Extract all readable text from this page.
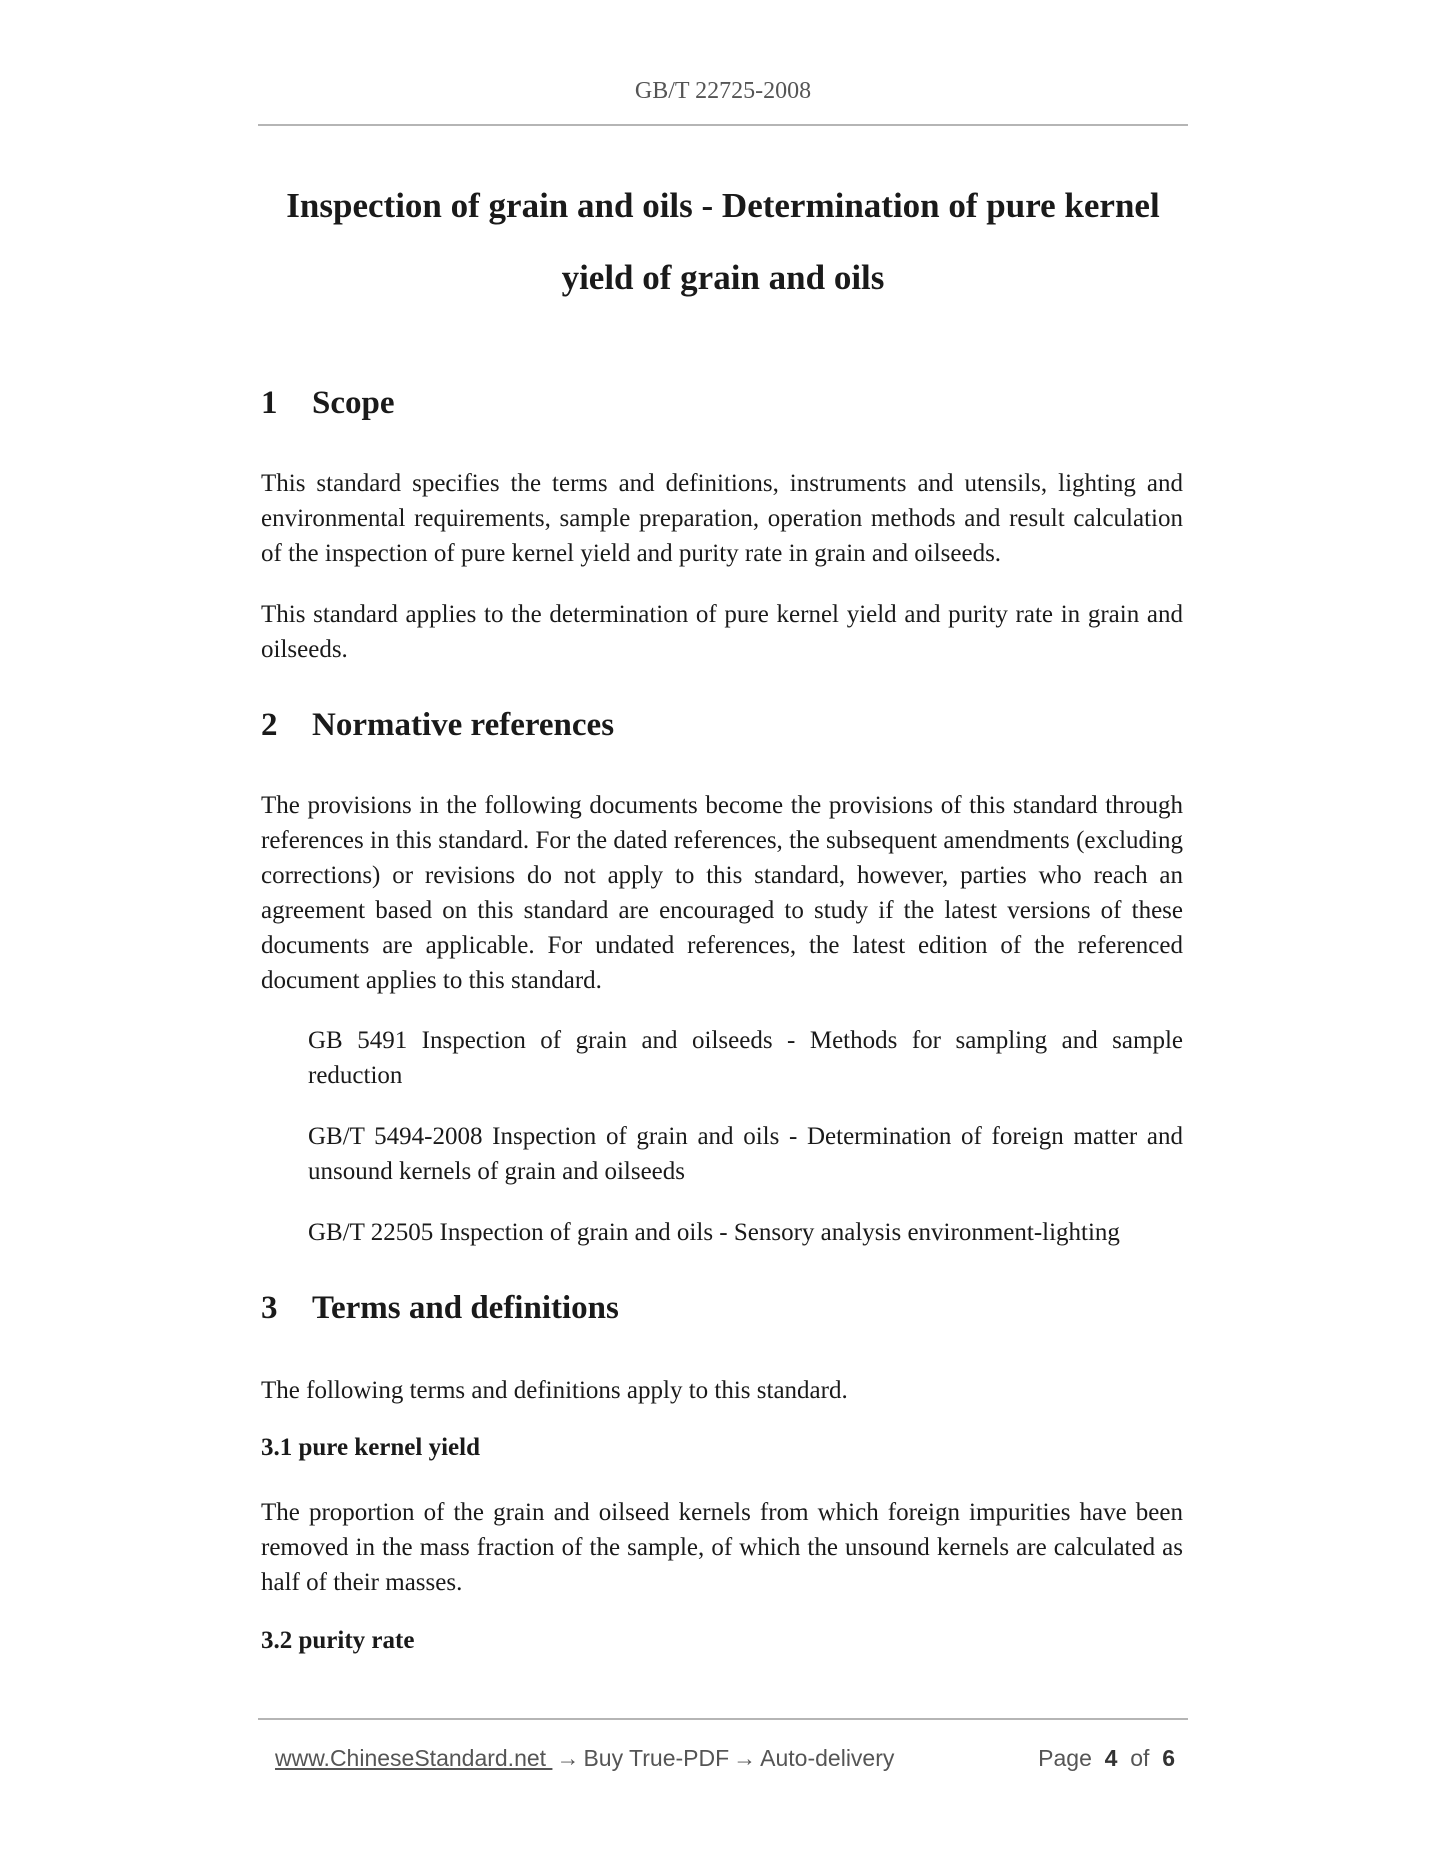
GB/T 22725-2008
Inspection of grain and oils - Determination of pure kernel yield of grain and oils
1 Scope

This standard specifies the terms and definitions, instruments and utensils, lighting and environmental requirements, sample preparation, operation methods and result calculation of the inspection of pure kernel yield and purity rate in grain and oilseeds.

This standard applies to the determination of pure kernel yield and purity rate in grain and oilseeds.

2 Normative references

The provisions in the following documents become the provisions of this standard through references in this standard. For the dated references, the subsequent amendments (excluding corrections) or revisions do not apply to this standard, however, parties who reach an agreement based on this standard are encouraged to study if the latest versions of these documents are applicable. For undated references, the latest edition of the referenced document applies to this standard.

GB 5491 Inspection of grain and oilseeds - Methods for sampling and sample reduction

GB/T 5494-2008 Inspection of grain and oils - Determination of foreign matter and unsound kernels of grain and oilseeds

GB/T 22505 Inspection of grain and oils - Sensory analysis environment-lighting

3 Terms and definitions

The following terms and definitions apply to this standard.

3.1 pure kernel yield

The proportion of the grain and oilseed kernels from which foreign impurities have been removed in the mass fraction of the sample, of which the unsound kernels are calculated as half of their masses.

3.2 purity rate
www.ChineseStandard.net → Buy True-PDF → Auto-delivery	Page 4 of 6
